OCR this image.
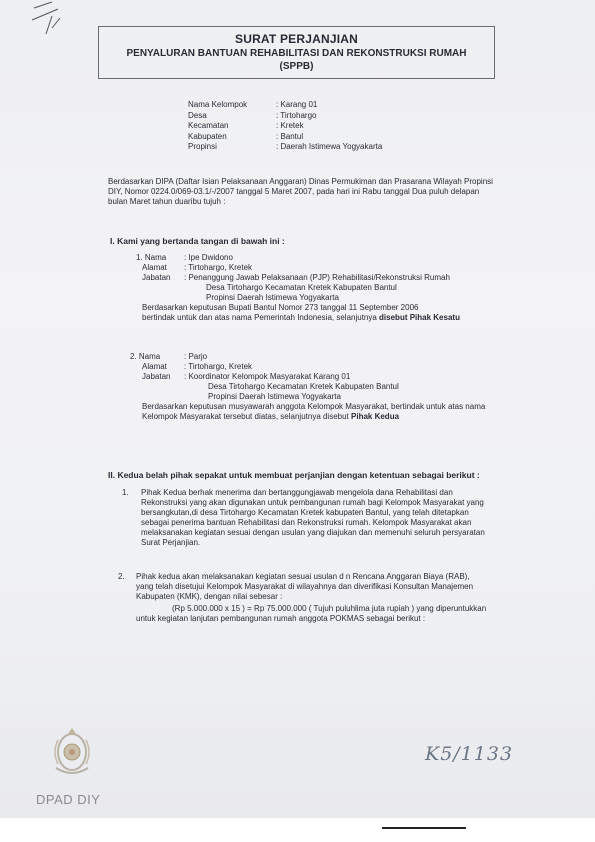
SURAT PERJANJIAN
PENYALURAN BANTUAN REHABILITASI DAN REKONSTRUKSI RUMAH
(SPPB)
Nama Kelompok	: Karang 01
Desa	: Tirtohargo
Kecamatan	: Kretek
Kabupaten	: Bantul
Propinsi	: Daerah Istimewa Yogyakarta
Berdasarkan DIPA (Daftar Isian Pelaksanaan Anggaran) Dinas Permukiman dan Prasarana Wilayah Propinsi
DIY, Nomor 0224.0/069-03.1/-/2007 tanggal 5 Maret 2007, pada hari ini Rabu tanggal Dua puluh delapan
bulan Maret tahun duaribu tujuh :
I. Kami yang bertanda tangan di bawah ini :
1. Nama	: Ipe Dwidono
Alamat	: Tirtohargo, Kretek
Jabatan	: Penanggung Jawab Pelaksanaan (PJP) Rehabilitasi/Rekonstruksi Rumah
Desa Tirtohargo Kecamatan Kretek Kabupaten Bantul
Propinsi Daerah Istimewa Yogyakarta
Berdasarkan keputusan Bupati Bantul Nomor 273 tanggal 11 September 2006
bertindak untuk dan atas nama Pemerintah Indonesia, selanjutnya disebut Pihak Kesatu
2. Nama	: Parjo
Alamat	: Tirtohargo, Kretek
Jabatan	: Koordinator Kelompok Masyarakat Karang 01
Desa Tirtohargo Kecamatan Kretek Kabupaten Bantul
Propinsi Daerah Istimewa Yogyakarta
Berdasarkan keputusan musyawarah anggota Kelompok Masyarakat, bertindak untuk atas nama
Kelompok Masyarakat tersebut diatas, selanjutnya disebut Pihak Kedua
II. Kedua belah pihak sepakat untuk membuat perjanjian dengan ketentuan sebagai berikut :
1. Pihak Kedua berhak menerima dan bertanggungjawab mengelola dana Rehabilitasi dan
Rekonstruksi yang akan digunakan untuk pembangunan rumah bagi Kelompok Masyarakat yang
bersangkutan,di desa Tirtohargo Kecamatan Kretek kabupaten Bantul, yang telah ditetapkan
sebagai penerima bantuan Rehabilitasi dan Rekonstruksi rumah. Kelompok Masyarakat akan
melaksanakan kegiatan sesuai dengan usulan yang diajukan dan memenuhi seluruh persyaratan
Surat Perjanjian.
2. Pihak kedua akan melaksanakan kegiatan sesuai usulan d n Rencana Anggaran Biaya (RAB),
yang telah disetujui Kelompok Masyarakat di wilayahnya dan diverifikasi Konsultan Manajemen
Kabupaten (KMK), dengan nilai sebesar :
(Rp 5.000.000 x 15 ) = Rp 75.000.000 ( Tujuh puluhlima juta rupiah ) yang diperuntukkan
untuk kegiatan lanjutan pembangunan rumah anggota POKMAS sebagai berikut :
DPAD DIY
K5/1133
